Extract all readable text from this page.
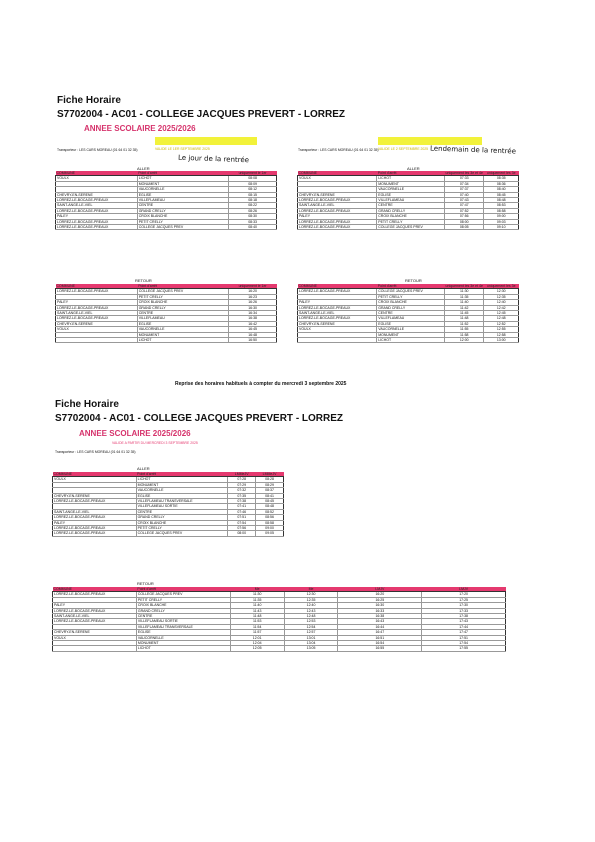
Fiche Horaire
S7702004 - AC01 - COLLEGE JACQUES PREVERT - LORREZ
ANNEE SCOLAIRE 2025/2026
VALIDE LE 1ER SEPTEMBRE 2025	VALIDE LE 2 SEPTEMBRE 2025
Transporteur : LES CARS MOREAU (01 64 01 32 35)	Transporteur : LES CARS MOREAU (01 64 01 32 35)
Le jour de la rentrée
Lendemain de la rentrée
ALLER	ALLER
COMMUNE	Point d'arrêt	uniquement le 1er
VOULX	LICHOT	08:08
	MONUMENT	08:09
	VAUCORNELLE	08:12
CHEVRY-EN-SERENE	EGLISE	08:15
LORREZ-LE-BOCAGE-PREAUX	VILLEFLAMEAU	08:18
SAINT-ANGE-LE-VIEL	CENTRE	08:22
LORREZ-LE-BOCAGE-PREAUX	GRAND CRELLY	08:26
PALEY	CROIX BLANCHE	08:30
LORREZ-LE-BOCAGE-PREAUX	PETIT CRELLY	08:33
LORREZ-LE-BOCAGE-PREAUX	COLLEGE JACQUES PREV	08:40
COMMUNE	Point d'arrêt	uniquement les 3e et 4e	uniquement les 3e
VOULX	LICHOT	07:33	08:35
	MONUMENT	07:34	08:36
	VAUCORNELLE	07:37	08:40
CHEVRY-EN-SERENE	EGLISE	07:40	08:45
LORREZ-LE-BOCAGE-PREAUX	VILLEFLAMEAU	07:43	08:48
SAINT-ANGE-LE-VIEL	CENTRE	07:47	08:53
LORREZ-LE-BOCAGE-PREAUX	GRAND CRELLY	07:52	08:58
PALEY	CROIX BLANCHE	07:56	09:00
LORREZ-LE-BOCAGE-PREAUX	PETIT CRELLY	08:00	09:03
LORREZ-LE-BOCAGE-PREAUX	COLLEGE JACQUES PREV	08:05	09:10
RETOUR	RETOUR
COMMUNE	Point d'arrêt	uniquement le 1er
LORREZ-LE-BOCAGE-PREAUX	COLLEGE JACQUES PREV	16:20
	PETIT CRELLY	16:23
PALEY	CROIX BLANCHE	16:26
LORREZ-LE-BOCAGE-PREAUX	GRAND CRELLY	16:30
SAINT-ANGE-LE-VIEL	CENTRE	16:34
LORREZ-LE-BOCAGE-PREAUX	VILLEFLAMEAU	16:38
CHEVRY-EN-SERENE	EGLISE	16:42
VOULX	VAUCORNELLE	16:45
	MONUMENT	16:48
	LICHOT	16:50
COMMUNE	Point d'arrêt	uniquement les 3e et 4e	uniquement les 3e
LORREZ-LE-BOCAGE-PREAUX	COLLEGE JACQUES PREV	11:30	12:30
	PETIT CRELLY	11:35	12:35
PALEY	CROIX BLANCHE	11:40	12:40
LORREZ-LE-BOCAGE-PREAUX	GRAND CRELLY	11:42	12:42
SAINT-ANGE-LE-VIEL	CENTRE	11:45	12:45
LORREZ-LE-BOCAGE-PREAUX	VILLEFLAMEAU	11:48	12:48
CHEVRY-EN-SERENE	EGLISE	11:52	12:52
VOULX	VAUCORNELLE	11:55	12:55
	MONUMENT	11:58	12:58
	LICHOT	12:00	13:00
Reprise des horaires habituels à compter du mercredi 3 septembre 2025
Fiche Horaire
S7702004 - AC01 - COLLEGE JACQUES PREVERT - LORREZ
ANNEE SCOLAIRE 2025/2026
VALIDE A PARTIR DU MERCREDI 3 SEPTEMBRE 2025
Transporteur : LES CARS MOREAU (01 64 01 32 35)
ALLER
COMMUNE	Point d'arrêt	LMMeJV	LMMeJV
VOULX	LICHOT	07:28	08:28
	MONUMENT	07:29	08:29
	VAUCORNELLE	07:32	08:37
CHEVRY-EN-SERENE	EGLISE	07:35	08:41
LORREZ-LE-BOCAGE-PREAUX	VILLEFLAMEAU TRANSVERSALE	07:38	08:45
	VILLEFLAMEAU SORTIE	07:41	08:48
SAINT-ANGE-LE-VIEL	CENTRE	07:46	08:52
LORREZ-LE-BOCAGE-PREAUX	GRAND CRELLY	07:51	08:56
PALEY	CROIX BLANCHE	07:54	08:58
LORREZ-LE-BOCAGE-PREAUX	PETIT CRELLY	07:56	09:00
LORREZ-LE-BOCAGE-PREAUX	COLLEGE JACQUES PREV	08:00	09:05
RETOUR
COMMUNE	Point d'arrêt	Me	Me	LMJV	LMJV
LORREZ-LE-BOCAGE-PREAUX	COLLEGE JACQUES PREV	11:30	12:30	16:20	17:20
	PETIT CRELLY	11:35	12:35	16:25	17:25
PALEY	CROIX BLANCHE	11:40	12:40	16:30	17:30
LORREZ-LE-BOCAGE-PREAUX	GRAND CRELLY	11:43	12:43	16:33	17:33
SAINT-ANGE-LE-VIEL	CENTRE	11:48	12:48	16:38	17:38
LORREZ-LE-BOCAGE-PREAUX	VILLEFLAMEAU SORTIE	11:53	12:53	16:43	17:43
	VILLEFLAMEAU TRANSVERSALE	11:54	12:54	16:44	17:44
CHEVRY-EN-SERENE	EGLISE	11:57	12:57	16:47	17:47
VOULX	VAUCORNELLE	12:01	13:01	16:51	17:51
	MONUMENT	12:04	13:04	16:54	17:54
	LICHOT	12:05	13:05	16:55	17:55
